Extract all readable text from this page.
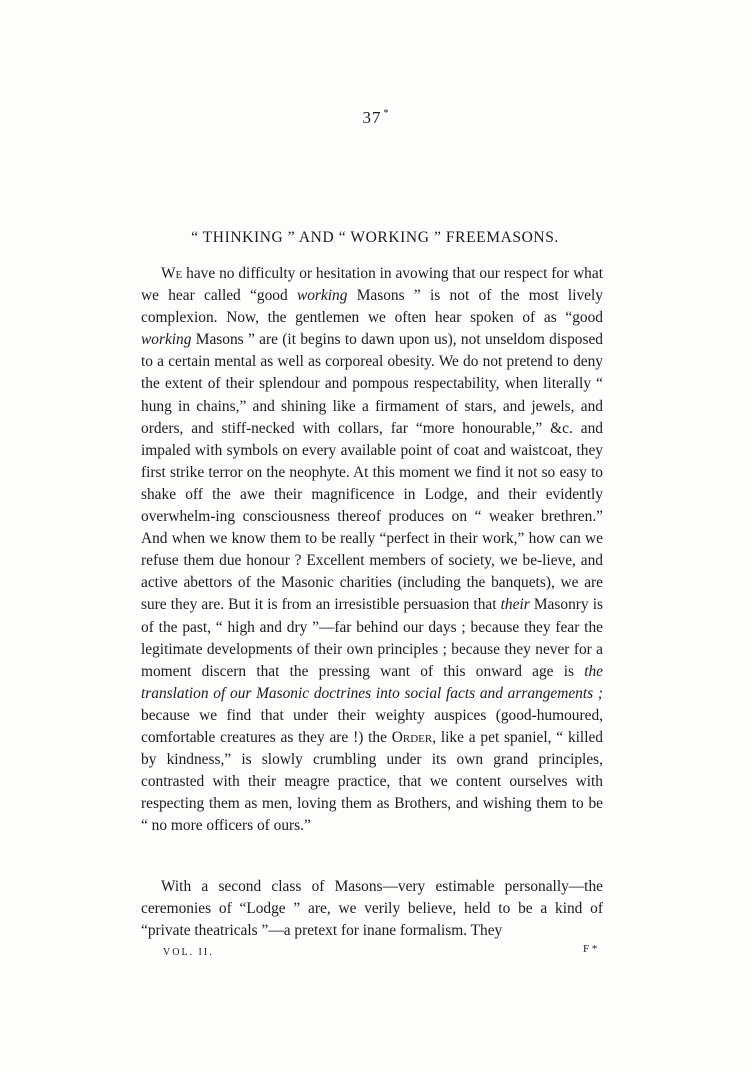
37 *
“ THINKING ” AND “ WORKING ” FREEMASONS.

We have no difficulty or hesitation in avowing that our respect for what we hear called “good working Masons ” is not of the most lively complexion. Now, the gentlemen we often hear spoken of as “good working Masons ” are (it begins to dawn upon us), not unseldom disposed to a certain mental as well as corporeal obesity. We do not pretend to deny the extent of their splendour and pompous respectability, when literally “ hung in chains,” and shining like a firmament of stars, and jewels, and orders, and stiff-necked with collars, far “more honourable,” &c. and impaled with symbols on every available point of coat and waistcoat, they first strike terror on the neophyte. At this moment we find it not so easy to shake off the awe their magnificence in Lodge, and their evidently overwhelm-ing consciousness thereof produces on “ weaker brethren.” And when we know them to be really “perfect in their work,” how can we refuse them due honour ? Excellent members of society, we be-lieve, and active abettors of the Masonic charities (including the banquets), we are sure they are. But it is from an irresistible persuasion that their Masonry is of the past, “ high and dry ”—far behind our days ; because they fear the legitimate developments of their own principles ; because they never for a moment discern that the pressing want of this onward age is the translation of our Masonic doctrines into social facts and arrangements ; because we find that under their weighty auspices (good-humoured, comfortable creatures as they are !) the Order, like a pet spaniel, “ killed by kindness,” is slowly crumbling under its own grand principles, contrasted with their meagre practice, that we content ourselves with respecting them as men, loving them as Brothers, and wishing them to be “ no more officers of ours.”

With a second class of Masons—very estimable personally—the ceremonies of “Lodge ” are, we verily believe, held to be a kind of “private theatricals ”—a pretext for inane formalism. They

VOL. II.	F *
